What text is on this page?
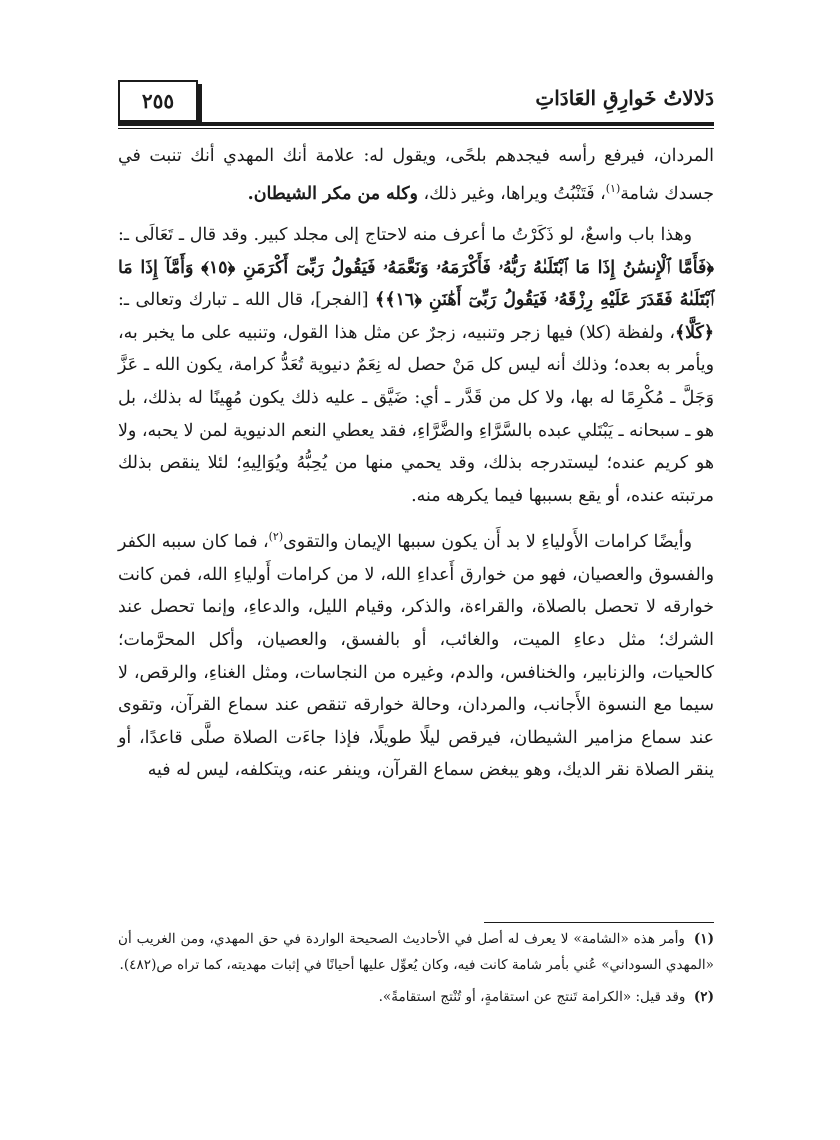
٢٥٥	دَلالاتُ خَوارِقِ العَادَاتِ

المردان، فيرفع رأسه فيجدهم بلحًى، ويقول له: علامة أنك المهدي أنك تنبت في جسدك شامة$^{(١)}$، فَتَنْبُتُ ويراها، وغير ذلك، وكله من مكر الشيطان.

وهذا باب واسعٌ، لو ذَكَرْتُ ما أعرف منه لاحتاج إلى مجلد كبير. وقد قال ـ تَعَالَى ـ: ﴿فَأَمَّا ٱلْإِنسَٰنُ إِذَا مَا ٱبْتَلَىٰهُ رَبُّهُۥ فَأَكْرَمَهُۥ وَنَعَّمَهُۥ فَيَقُولُ رَبِّىٓ أَكْرَمَنِ ﴿١٥﴾ وَأَمَّآ إِذَا مَا ٱبْتَلَىٰهُ فَقَدَرَ عَلَيْهِ رِزْقَهُۥ فَيَقُولُ رَبِّىٓ أَهَٰنَنِ ﴿١٦﴾﴾ [الفجر]، قال الله ـ تبارك وتعالى ـ: ﴿كَلَّا﴾، ولفظة (كلا) فيها زجر وتنبيه، زجرٌ عن مثل هذا القول، وتنبيه على ما يخبر به، ويأمر به بعده؛ وذلك أنه ليس كل مَنْ حصل له نِعَمٌ دنيوية تُعَدُّ كرامة، يكون الله ـ عَزَّ وَجَلَّ ـ مُكْرِمًا له بها، ولا كل من قَدَّر ـ أي: ضَيَّق ـ عليه ذلك يكون مُهِينًا له بذلك، بل هو ـ سبحانه ـ يَبْتَلي عبده بالسَّرَّاءِ والضَّرَّاءِ، فقد يعطي النعم الدنيوية لمن لا يحبه، ولا هو كريم عنده؛ ليستدرجه بذلك، وقد يحمي منها من يُحِبُّهُ ويُوَالِيهِ؛ لئلا ينقص بذلك مرتبته عنده، أو يقع بسببها فيما يكرهه منه.

وأيضًا كرامات الأَولياءِ لا بد أَن يكون سببها الإيمان والتقوى$^{(٢)}$، فما كان سببه الكفر والفسوق والعصيان، فهو من خوارق أَعداءِ الله، لا من كرامات أَولياءِ الله، فمن كانت خوارقه لا تحصل بالصلاة، والقراءة، والذكر، وقيام الليل، والدعاءِ، وإنما تحصل عند الشرك؛ مثل دعاءِ الميت، والغائب، أو بالفسق، والعصيان، وأكل المحرَّمات؛ كالحيات، والزنابير، والخنافس، والدم، وغيره من النجاسات، ومثل الغناءِ، والرقص، لا سيما مع النسوة الأَجانب، والمردان، وحالة خوارقه تنقص عند سماع القرآن، وتقوى عند سماع مزامير الشيطان، فيرقص ليلًا طويلًا، فإذا جاءَت الصلاة صلَّى قاعدًا، أو ينقر الصلاة نقر الديك، وهو يبغض سماع القرآن، وينفر عنه، ويتكلفه، ليس له فيه

(١) وأمر هذه «الشامة» لا يعرف له أصل في الأحاديث الصحيحة الواردة في حق المهدي، ومن الغريب أن «المهدي السوداني» عُني بأمر شامة كانت فيه، وكان يُعوِّل عليها أحيانًا في إثبات مهديته، كما تراه ص(٤٨٢).

(٢) وقد قيل: «الكرامة تَنتج عن استقامةٍ، أو تُنْتج استقامةً».
